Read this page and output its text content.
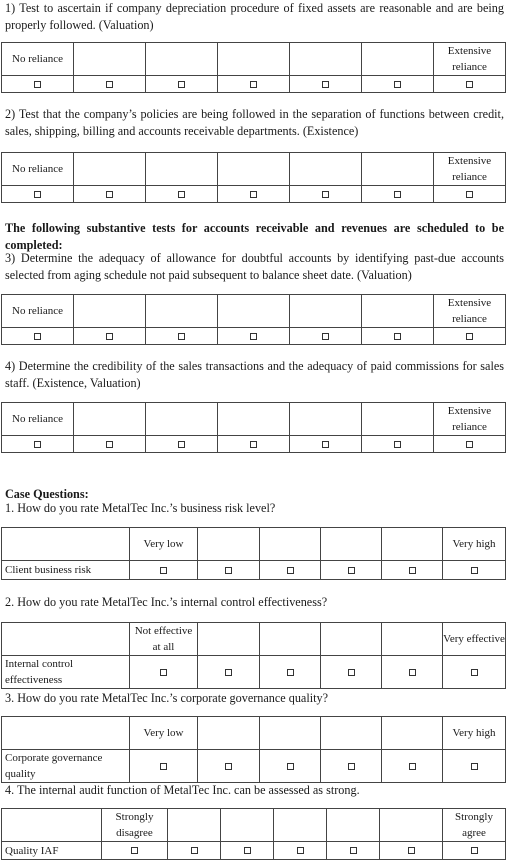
1) Test to ascertain if company depreciation procedure of fixed assets are reasonable and are being properly followed. (Valuation)
No reliance						Extensive
reliance

2) Test that the company’s policies are being followed in the separation of functions between credit, sales, shipping, billing and accounts receivable departments. (Existence)
No reliance						Extensive
reliance

The following substantive tests for accounts receivable and revenues are scheduled to be completed:
3) Determine the adequacy of allowance for doubtful accounts by identifying past-due accounts selected from aging schedule not paid subsequent to balance sheet date. (Valuation)
No reliance						Extensive
reliance

4) Determine the credibility of the sales transactions and the adequacy of paid commissions for sales staff. (Existence, Valuation)
No reliance						Extensive
reliance

Case Questions:
1. How do you rate MetalTec Inc.’s business risk level?
	Very low					Very high
Client business risk						
2. How do you rate MetalTec Inc.’s internal control effectiveness?
	Not effective
at all					Very effective
Internal control effectiveness						
3. How do you rate MetalTec Inc.’s corporate governance quality?
	Very low					Very high
Corporate governance quality						
4. The internal audit function of MetalTec Inc. can be assessed as strong.
	Strongly
disagree						Strongly
agree
Quality IAF							
